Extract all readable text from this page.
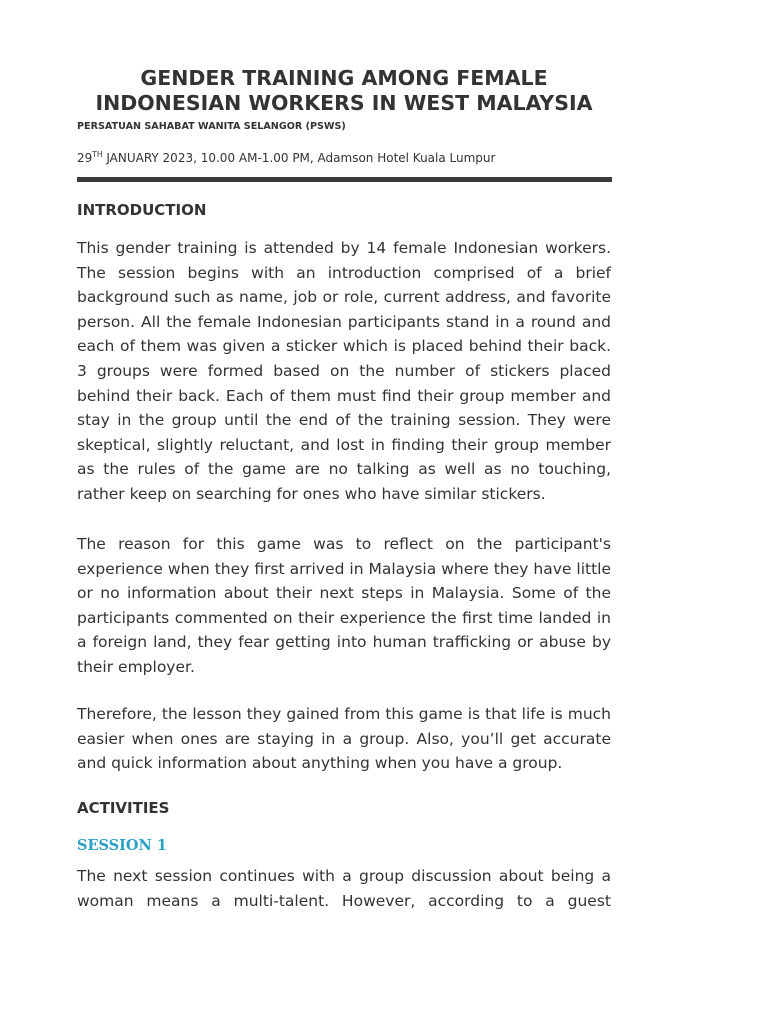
GENDER TRAINING AMONG FEMALE
INDONESIAN WORKERS IN WEST MALAYSIA

PERSATUAN SAHABAT WANITA SELANGOR (PSWS)

29TH JANUARY 2023, 10.00 AM-1.00 PM, Adamson Hotel Kuala Lumpur

INTRODUCTION

This gender training is attended by 14 female Indonesian workers.
The session begins with an introduction comprised of a brief
background such as name, job or role, current address, and favorite
person. All the female Indonesian participants stand in a round and
each of them was given a sticker which is placed behind their back.
3 groups were formed based on the number of stickers placed
behind their back. Each of them must find their group member and
stay in the group until the end of the training session. They were
skeptical, slightly reluctant, and lost in finding their group member
as the rules of the game are no talking as well as no touching,
rather keep on searching for ones who have similar stickers.

The reason for this game was to reflect on the participant's
experience when they first arrived in Malaysia where they have little
or no information about their next steps in Malaysia. Some of the
participants commented on their experience the first time landed in
a foreign land, they fear getting into human trafficking or abuse by
their employer.

Therefore, the lesson they gained from this game is that life is much
easier when ones are staying in a group. Also, you’ll get accurate
and quick information about anything when you have a group.

ACTIVITIES
SESSION 1

The next session continues with a group discussion about being a
woman means a multi-talent. However, according to a guest
